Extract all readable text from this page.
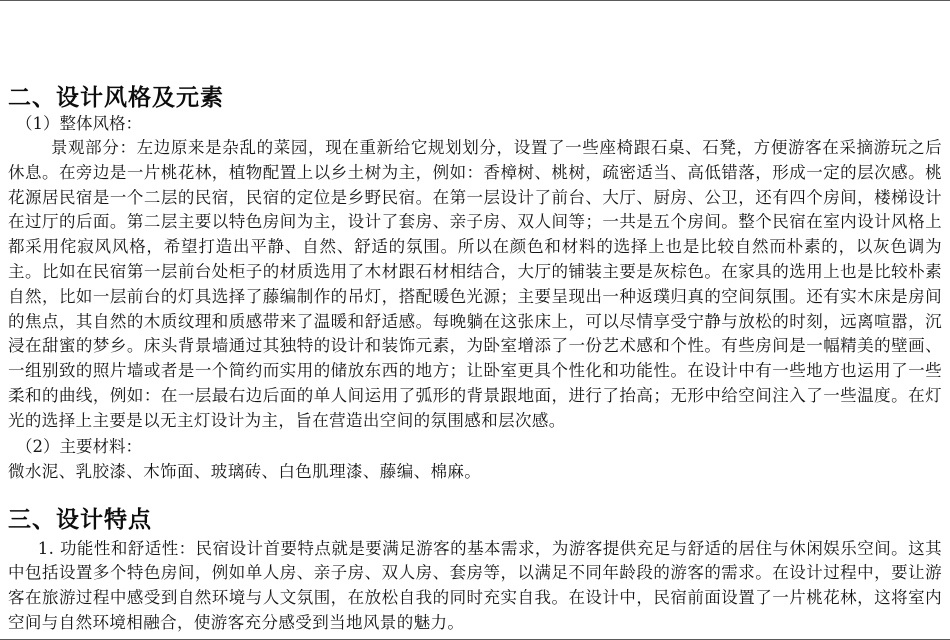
二、设计风格及元素

（1）整体风格：

景观部分：左边原来是杂乱的菜园，现在重新给它规划划分，设置了一些座椅跟石桌、石凳，方便游客在采摘游玩之后休息。在旁边是一片桃花林，植物配置上以乡土树为主，例如：香樟树、桃树，疏密适当、高低错落，形成一定的层次感。桃花源居民宿是一个二层的民宿，民宿的定位是乡野民宿。在第一层设计了前台、大厅、厨房、公卫，还有四个房间，楼梯设计在过厅的后面。第二层主要以特色房间为主，设计了套房、亲子房、双人间等；一共是五个房间。整个民宿在室内设计风格上都采用侘寂风风格，希望打造出平静、自然、舒适的氛围。所以在颜色和材料的选择上也是比较自然而朴素的，以灰色调为主。比如在民宿第一层前台处柜子的材质选用了木材跟石材相结合，大厅的铺装主要是灰棕色。在家具的选用上也是比较朴素自然，比如一层前台的灯具选择了藤编制作的吊灯，搭配暖色光源；主要呈现出一种返璞归真的空间氛围。还有实木床是房间的焦点，其自然的木质纹理和质感带来了温暖和舒适感。每晚躺在这张床上，可以尽情享受宁静与放松的时刻，远离喧嚣，沉浸在甜蜜的梦乡。床头背景墙通过其独特的设计和装饰元素，为卧室增添了一份艺术感和个性。有些房间是一幅精美的壁画、一组别致的照片墙或者是一个简约而实用的储放东西的地方；让卧室更具个性化和功能性。在设计中有一些地方也运用了一些柔和的曲线，例如：在一层最右边后面的单人间运用了弧形的背景跟地面，进行了抬高；无形中给空间注入了一些温度。在灯光的选择上主要是以无主灯设计为主，旨在营造出空间的氛围感和层次感。

（2）主要材料：

微水泥、乳胶漆、木饰面、玻璃砖、白色肌理漆、藤编、棉麻。

三、设计特点

1. 功能性和舒适性：民宿设计首要特点就是要满足游客的基本需求，为游客提供充足与舒适的居住与休闲娱乐空间。这其中包括设置多个特色房间，例如单人房、亲子房、双人房、套房等，以满足不同年龄段的游客的需求。在设计过程中，要让游客在旅游过程中感受到自然环境与人文氛围，在放松自我的同时充实自我。在设计中，民宿前面设置了一片桃花林，这将室内空间与自然环境相融合，使游客充分感受到当地风景的魅力。
